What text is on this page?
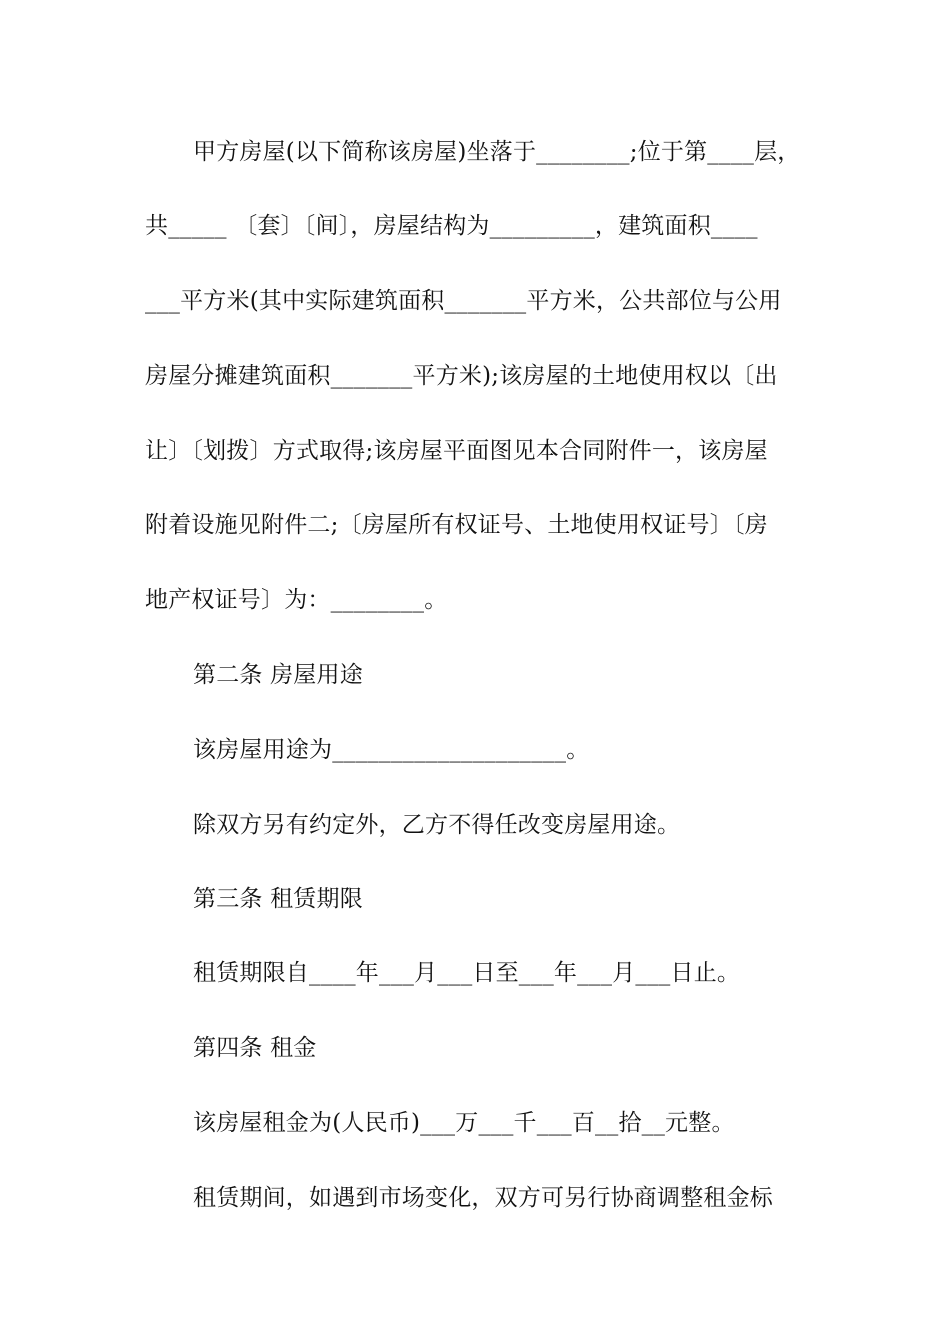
甲方房屋(以下简称该房屋)坐落于________;位于第____层，
共_____ 〔套〕〔间〕，房屋结构为_________，建筑面积____
___平方米(其中实际建筑面积_______平方米，公共部位与公用
房屋分摊建筑面积_______平方米);该房屋的土地使用权以〔出
让〕〔划拨〕方式取得;该房屋平面图见本合同附件一，该房屋
附着设施见附件二;〔房屋所有权证号、土地使用权证号〕〔房
地产权证号〕为：________。
第二条 房屋用途
该房屋用途为____________________。
除双方另有约定外，乙方不得任改变房屋用途。
第三条 租赁期限
租赁期限自____年___月___日至___年___月___日止。
第四条 租金
该房屋租金为(人民币)___万___千___百__拾__元整。
租赁期间，如遇到市场变化，双方可另行协商调整租金标
